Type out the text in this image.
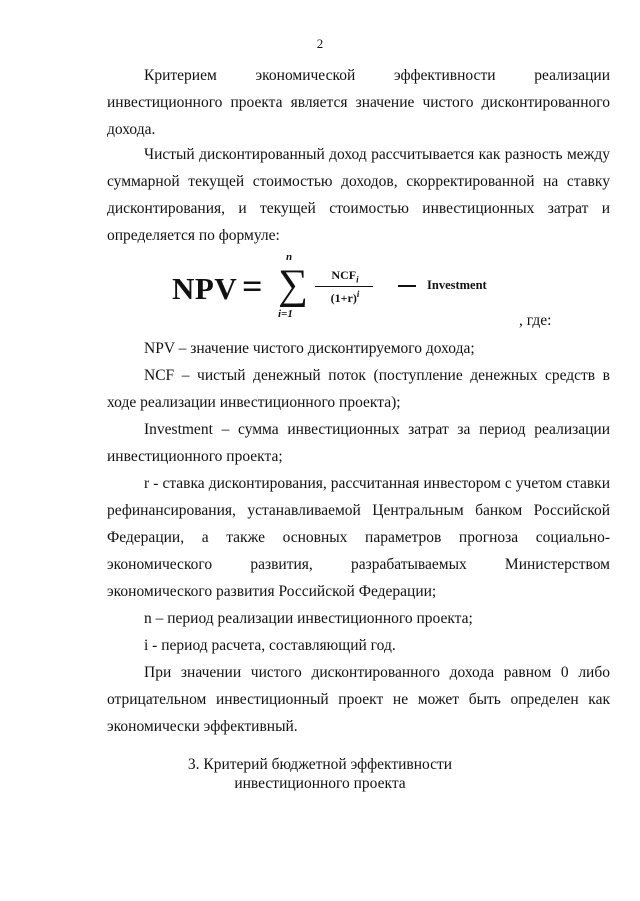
2

Критерием экономической эффективности реализации инвестиционного проекта является значение чистого дисконтированного дохода.

Чистый дисконтированный доход рассчитывается как разность между суммарной текущей стоимостью доходов, скорректированной на ставку дисконтирования, и текущей стоимостью инвестиционных затрат и определяется по формуле:

NPV =
n
∑
i=1
$NCF_i$
$(1+r)^i$
Investment
, где:

NPV – значение чистого дисконтируемого дохода;

NCF – чистый денежный поток (поступление денежных средств в ходе реализации инвестиционного проекта);

Investment – сумма инвестиционных затрат за период реализации инвестиционного проекта;

r - ставка дисконтирования, рассчитанная инвестором с учетом ставки рефинансирования, устанавливаемой Центральным банком Российской Федерации, а также основных параметров прогноза социально-экономического развития, разрабатываемых Министерством экономического развития Российской Федерации;

n – период реализации инвестиционного проекта;

i - период расчета, составляющий год.

При значении чистого дисконтированного дохода равном 0 либо отрицательном инвестиционный проект не может быть определен как экономически эффективный.

3. Критерий бюджетной эффективности
инвестиционного проекта
